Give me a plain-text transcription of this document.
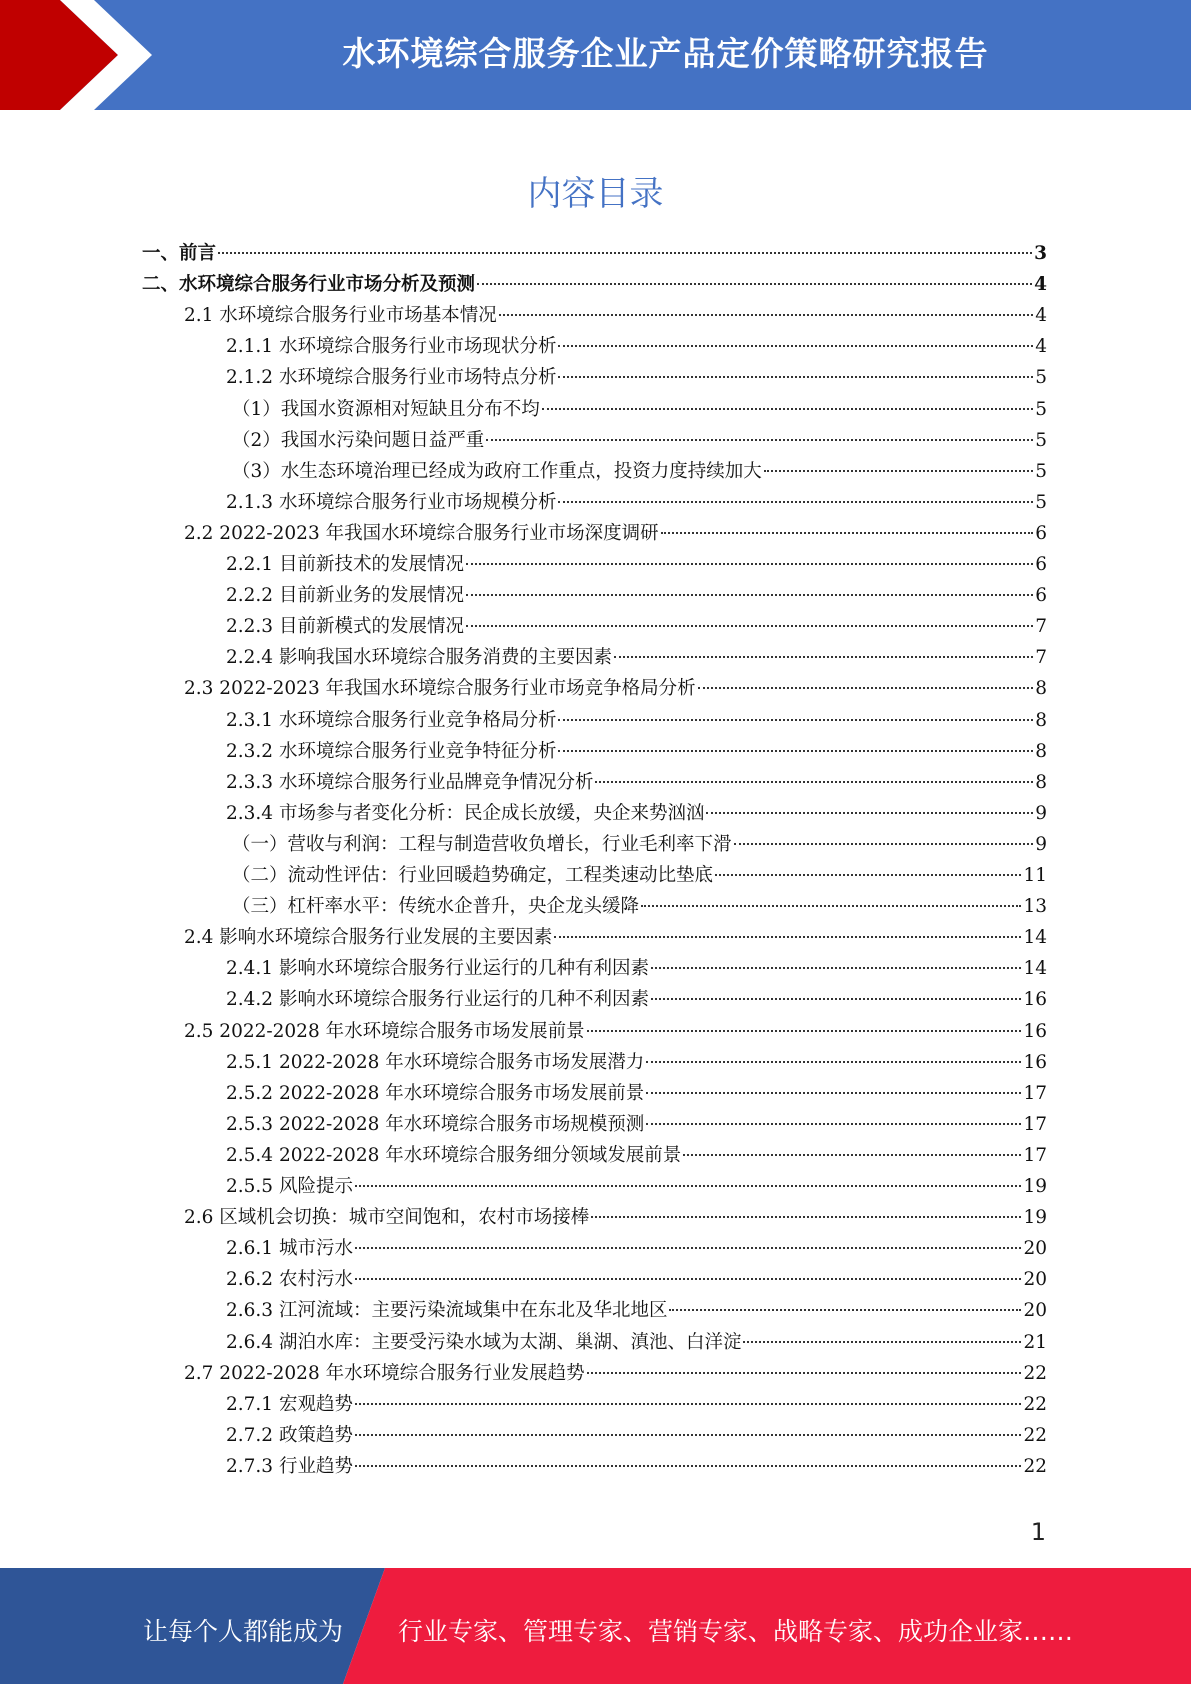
水环境综合服务企业产品定价策略研究报告
内容目录
一、前言	3
二、水环境综合服务行业市场分析及预测	4
2.1 水环境综合服务行业市场基本情况	4
2.1.1 水环境综合服务行业市场现状分析	4
2.1.2 水环境综合服务行业市场特点分析	5
（1）我国水资源相对短缺且分布不均	5
（2）我国水污染问题日益严重	5
（3）水生态环境治理已经成为政府工作重点，投资力度持续加大	5
2.1.3 水环境综合服务行业市场规模分析	5
2.2 2022-2023 年我国水环境综合服务行业市场深度调研	6
2.2.1 目前新技术的发展情况	6
2.2.2 目前新业务的发展情况	6
2.2.3 目前新模式的发展情况	7
2.2.4 影响我国水环境综合服务消费的主要因素	7
2.3 2022-2023 年我国水环境综合服务行业市场竞争格局分析	8
2.3.1 水环境综合服务行业竞争格局分析	8
2.3.2 水环境综合服务行业竞争特征分析	8
2.3.3 水环境综合服务行业品牌竞争情况分析	8
2.3.4 市场参与者变化分析：民企成长放缓，央企来势汹汹	9
（一）营收与利润：工程与制造营收负增长，行业毛利率下滑	9
（二）流动性评估：行业回暖趋势确定，工程类速动比垫底	11
（三）杠杆率水平：传统水企普升，央企龙头缓降	13
2.4 影响水环境综合服务行业发展的主要因素	14
2.4.1 影响水环境综合服务行业运行的几种有利因素	14
2.4.2 影响水环境综合服务行业运行的几种不利因素	16
2.5 2022-2028 年水环境综合服务市场发展前景	16
2.5.1 2022-2028 年水环境综合服务市场发展潜力	16
2.5.2 2022-2028 年水环境综合服务市场发展前景	17
2.5.3 2022-2028 年水环境综合服务市场规模预测	17
2.5.4 2022-2028 年水环境综合服务细分领域发展前景	17
2.5.5 风险提示	19
2.6 区域机会切换：城市空间饱和，农村市场接棒	19
2.6.1 城市污水	20
2.6.2 农村污水	20
2.6.3 江河流域：主要污染流域集中在东北及华北地区	20
2.6.4 湖泊水库：主要受污染水域为太湖、巢湖、滇池、白洋淀	21
2.7 2022-2028 年水环境综合服务行业发展趋势	22
2.7.1 宏观趋势	22
2.7.2 政策趋势	22
2.7.3 行业趋势	22
1
让每个人都能成为 行业专家、管理专家、营销专家、战略专家、成功企业家……
